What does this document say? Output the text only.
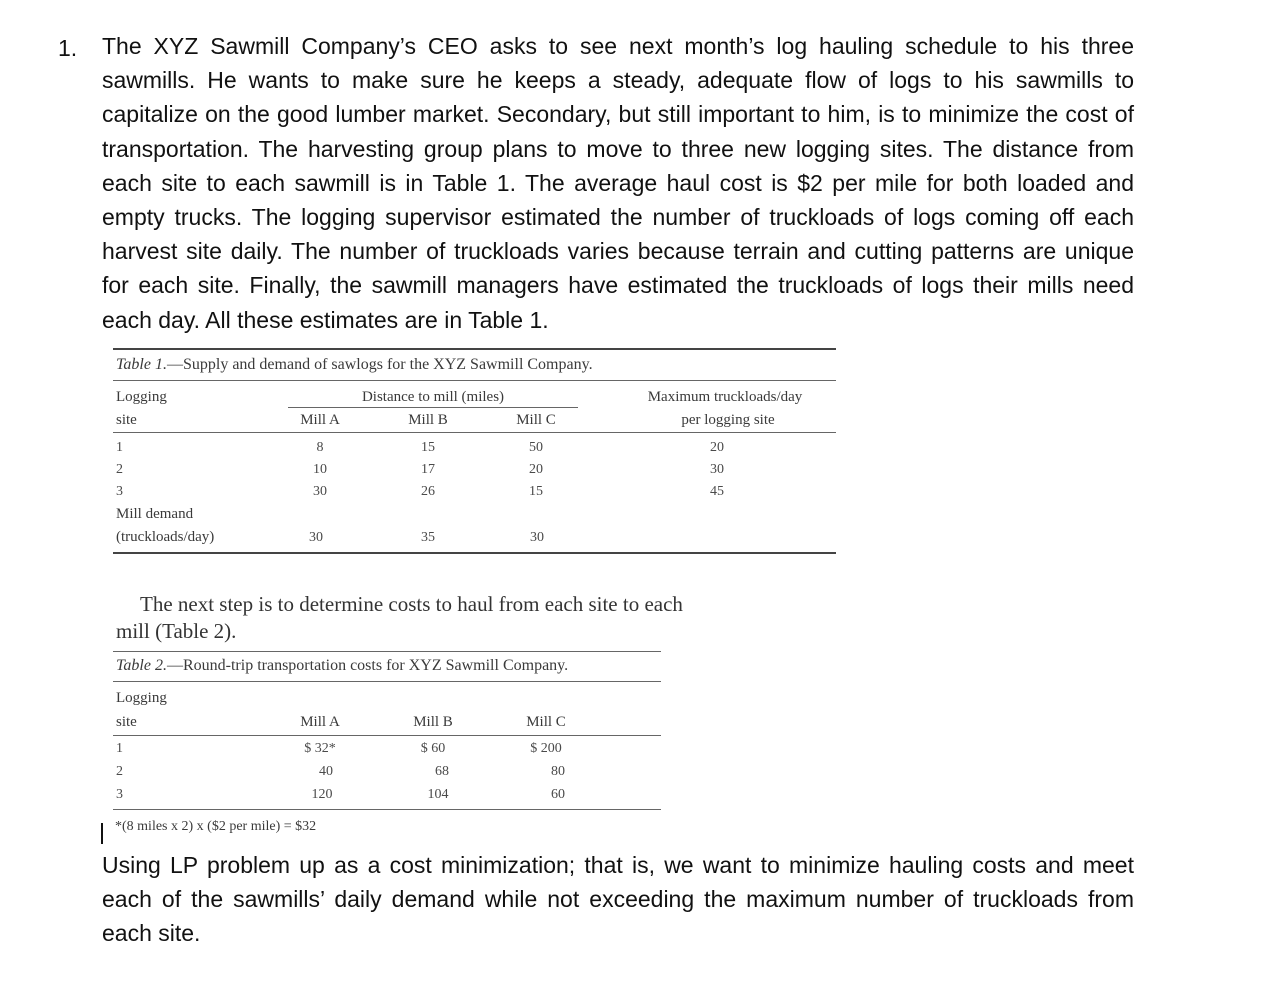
1. The XYZ Sawmill Company’s CEO asks to see next month’s log hauling schedule to his three sawmills. He wants to make sure he keeps a steady, adequate flow of logs to his sawmills to capitalize on the good lumber market. Secondary, but still important to him, is to minimize the cost of transportation. The harvesting group plans to move to three new logging sites. The distance from each site to each sawmill is in Table 1. The average haul cost is $2 per mile for both loaded and empty trucks. The logging supervisor estimated the number of truckloads of logs coming off each harvest site daily. The number of truckloads varies because terrain and cutting patterns are unique for each site. Finally, the sawmill managers have estimated the truckloads of logs their mills need each day. All these estimates are in Table 1.

Table 1.—Supply and demand of sawlogs for the XYZ Sawmill Company.
Logging
site
Distance to mill (miles)	Maximum truckloads/day
per logging site
Mill A	Mill B	Mill C
1	8	15	50	20
2	10	17	20	30
3	30	26	15	45
Mill demand
(truckloads/day)	30	35	30

The next step is to determine costs to haul from each site to each
mill (Table 2).

Table 2.—Round-trip transportation costs for XYZ Sawmill Company.
Logging
site	Mill A	Mill B	Mill C
1	$ 32*	$ 60	$ 200
2	40	68	80
3	120	104	60
*(8 miles x 2) x ($2 per mile) = $32

Using LP problem up as a cost minimization; that is, we want to minimize hauling costs and meet each of the sawmills’ daily demand while not exceeding the maximum number of truckloads from each site.
